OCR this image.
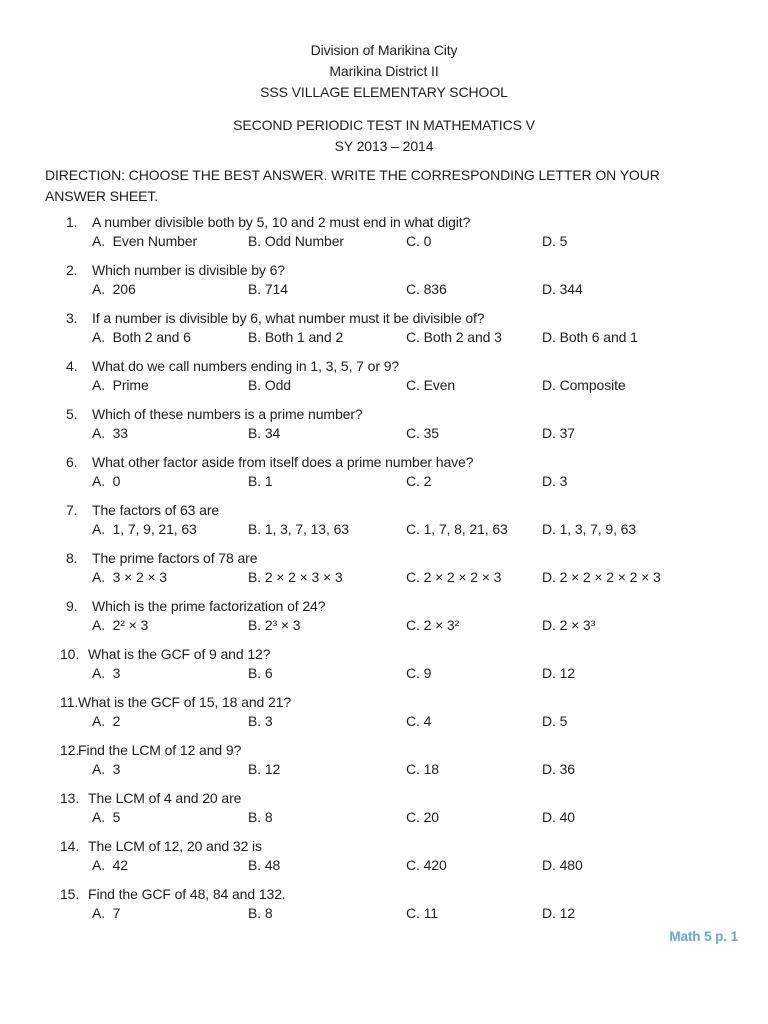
Division of Marikina City
Marikina District II
SSS VILLAGE ELEMENTARY SCHOOL
SECOND PERIODIC TEST IN MATHEMATICS V
SY 2013 – 2014
DIRECTION: CHOOSE THE BEST ANSWER. WRITE THE CORRESPONDING LETTER ON YOUR
ANSWER SHEET.
1. A number divisible both by 5, 10 and 2 must end in what digit?
A.  Even Number	B. Odd Number	C. 0	D. 5
2. Which number is divisible by 6?
A.  206	B. 714	C. 836	D. 344
3. If a number is divisible by 6, what number must it be divisible of?
A.  Both 2 and 6	B. Both 1 and 2	C. Both 2 and 3	D. Both 6 and 1
4. What do we call numbers ending in 1, 3, 5, 7 or 9?
A.  Prime	B. Odd	C. Even	D. Composite
5. Which of these numbers is a prime number?
A.  33	B. 34	C. 35	D. 37
6. What other factor aside from itself does a prime number have?
A.  0	B. 1	C. 2	D. 3
7. The factors of 63 are
A.  1, 7, 9, 21, 63	B. 1, 3, 7, 13, 63	C. 1, 7, 8, 21, 63	D. 1, 3, 7, 9, 63
8. The prime factors of 78 are
A.  3 × 2 × 3	B. 2 × 2 × 3 × 3	C. 2 × 2 × 2 × 3	D. 2 × 2 × 2 × 2 × 3
9. Which is the prime factorization of 24?
A.  2² × 3	B. 2³ × 3	C. 2 × 3²	D. 2 × 3³
10. What is the GCF of 9 and 12?
A.  3	B. 6	C. 9	D. 12
11.What is the GCF of 15, 18 and 21?
A.  2	B. 3	C. 4	D. 5
12.Find the LCM of 12 and 9?
A.  3	B. 12	C. 18	D. 36
13. The LCM of 4 and 20 are
A.  5	B. 8	C. 20	D. 40
14. The LCM of 12, 20 and 32 is
A.  42	B. 48	C. 420	D. 480
15. Find the GCF of 48, 84 and 132.
A.  7	B. 8	C. 11	D. 12
Math 5 p. 1
